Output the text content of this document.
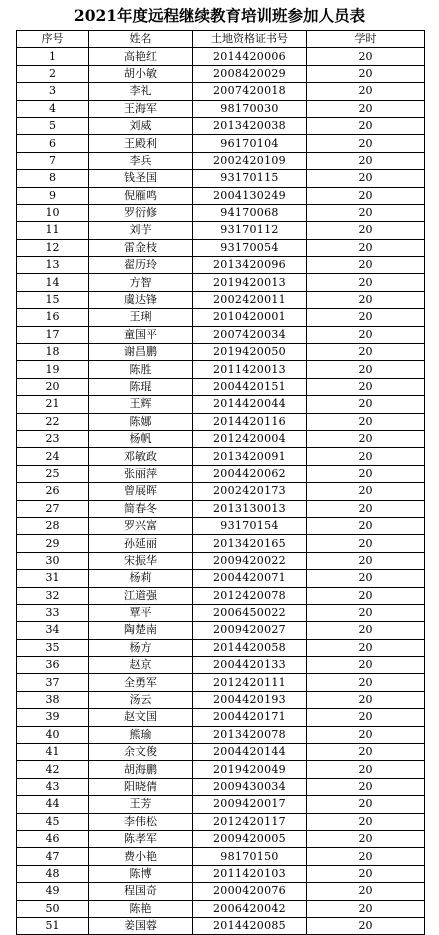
2021年度远程继续教育培训班参加人员表
序号	姓名	土地资格证书号	学时
1	高艳红	2014420006	20
2	胡小敏	2008420029	20
3	李礼	2007420018	20
4	王海军	98170030	20
5	刘威	2013420038	20
6	王殿利	96170104	20
7	李兵	2002420109	20
8	钱圣国	93170115	20
9	倪雁鸣	2004130249	20
10	罗衍修	94170068	20
11	刘芋	93170112	20
12	雷金枝	93170054	20
13	翟历玲	2013420096	20
14	方智	2019420013	20
15	虞达锋	2002420011	20
16	王琍	2010420001	20
17	童国平	2007420034	20
18	谢昌鹏	2019420050	20
19	陈胜	2011420013	20
20	陈琨	2004420151	20
21	王辉	2014420044	20
22	陈娜	2014420116	20
23	杨帆	2012420004	20
24	邓敏政	2013420091	20
25	张丽萍	2004420062	20
26	曾展晖	2002420173	20
27	简春冬	2013130013	20
28	罗兴富	93170154	20
29	孙延丽	2013420165	20
30	宋振华	2009420022	20
31	杨莉	2004420071	20
32	江道强	2012420078	20
33	覃平	2006450022	20
34	陶楚南	2009420027	20
35	杨方	2014420058	20
36	赵京	2004420133	20
37	全勇军	2012420111	20
38	汤云	2004420193	20
39	赵文国	2004420171	20
40	熊瑜	2013420078	20
41	余文俊	2004420144	20
42	胡海鹏	2019420049	20
43	阳晓倩	2009430034	20
44	王芳	2009420017	20
45	李伟松	2012420117	20
46	陈孝军	2009420005	20
47	费小艳	98170150	20
48	陈博	2011420103	20
49	程国奇	2000420076	20
50	陈艳	2006420042	20
51	姜国蓉	2014420085	20
